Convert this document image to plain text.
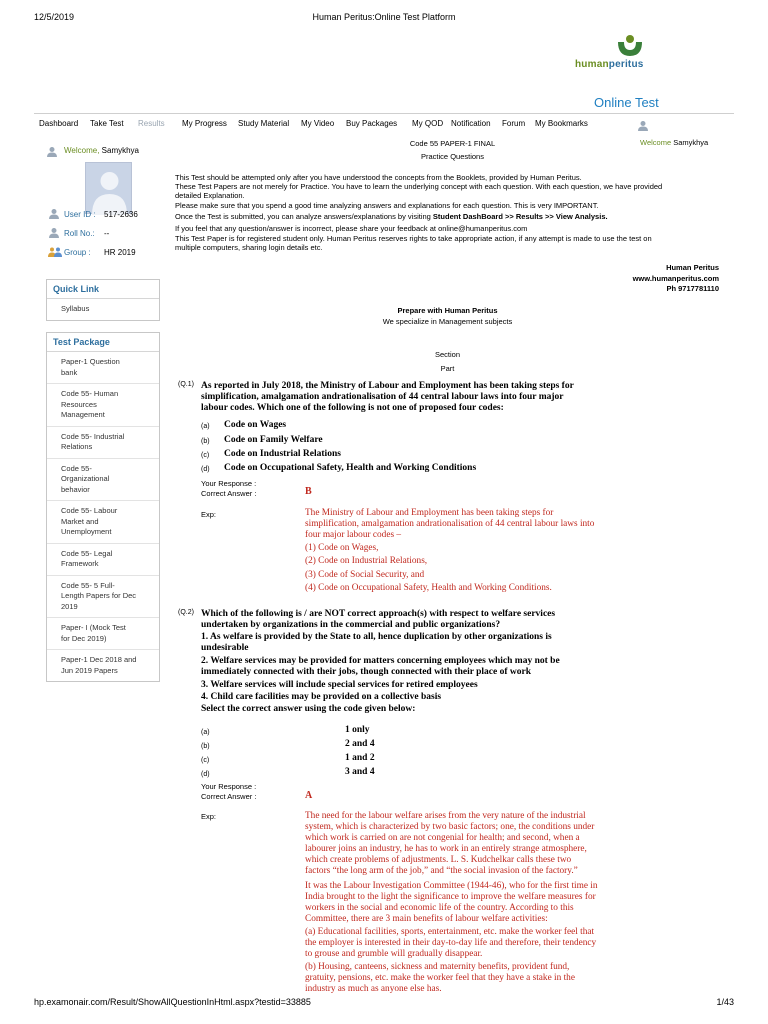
12/5/2019	Human Peritus:Online Test Platform
humanperitus
Online Test
Dashboard Take Test Results My Progress Study Material My Video Buy Packages My QOD Notification Forum My Bookmarks
Welcome Samykhya
Welcome, Samykhya
User ID : 517-2636
Roll No.: --
Group : HR 2019
Quick Link
Syllabus
Test Package
Paper-1 Question
bank
Code 55- Human
Resources
Management
Code 55- Industrial
Relations
Code 55-
Organizational
behavior
Code 55- Labour
Market and
Unemployment
Code 55- Legal
Framework
Code 55- 5 Full-
Length Papers for Dec
2019
Paper- I (Mock Test
for Dec 2019)
Paper-1 Dec 2018 and
Jun 2019 Papers
Code 55 PAPER-1 FINAL
Practice Questions
This Test should be attempted only after you have understood the concepts from the Booklets, provided by Human Peritus.
These Test Papers are not merely for Practice. You have to learn the underlying concept with each question. With each question, we have provided
detailed Explanation.
Please make sure that you spend a good time analyzing answers and explanations for each question. This is very IMPORTANT.
Once the Test is submitted, you can analyze answers/explanations by visiting Student DashBoard >> Results >> View Analysis.
If you feel that any question/answer is incorrect, please share your feedback at online@humanperitus.com
This Test Paper is for registered student only. Human Peritus reserves rights to take appropriate action, if any attempt is made to use the test on
multiple computers, sharing login details etc.
Human Peritus
www.humanperitus.com
Ph 9717781110
Prepare with Human Peritus
We specialize in Management subjects
Section
Part
(Q.1) As reported in July 2018, the Ministry of Labour and Employment has been taking steps for
simplification, amalgamation andrationalisation of 44 central labour laws into four major
labour codes. Which one of the following is not one of proposed four codes:
(a) Code on Wages
(b) Code on Family Welfare
(c) Code on Industrial Relations
(d) Code on Occupational Safety, Health and Working Conditions
Your Response :
Correct Answer :	B
Exp:	The Ministry of Labour and Employment has been taking steps for
simplification, amalgamation andrationalisation of 44 central labour laws into
four major labour codes –
(1) Code on Wages,
(2) Code on Industrial Relations,
(3) Code of Social Security, and
(4) Code on Occupational Safety, Health and Working Conditions.
(Q.2) Which of the following is / are NOT correct approach(s) with respect to welfare services
undertaken by organizations in the commercial and public organizations?
1. As welfare is provided by the State to all, hence duplication by other organizations is
undesirable
2. Welfare services may be provided for matters concerning employees which may not be
immediately connected with their jobs, though connected with their place of work
3. Welfare services will include special services for retired employees
4. Child care facilities may be provided on a collective basis
Select the correct answer using the code given below:
(a)	1 only
(b)	2 and 4
(c)	1 and 2
(d)	3 and 4
Your Response :
Correct Answer :	A
Exp:	The need for the labour welfare arises from the very nature of the industrial
system, which is characterized by two basic factors; one, the conditions under
which work is carried on are not congenial for health; and second, when a
labourer joins an industry, he has to work in an entirely strange atmosphere,
which create problems of adjustments. L. S. Kudchelkar calls these two
factors “the long arm of the job,” and “the social invasion of the factory.”
It was the Labour Investigation Committee (1944-46), who for the first time in
India brought to the light the significance to improve the welfare measures for
workers in the social and economic life of the country. According to this
Committee, there are 3 main benefits of labour welfare activities:
(a) Educational facilities, sports, entertainment, etc. make the worker feel that
the employer is interested in their day-to-day life and therefore, their tendency
to grouse and grumble will gradually disappear.
(b) Housing, canteens, sickness and maternity benefits, provident fund,
gratuity, pensions, etc. make the worker feel that they have a stake in the
industry as much as anyone else has.
hp.examonair.com/Result/ShowAllQuestionInHtml.aspx?testid=33885	1/43
